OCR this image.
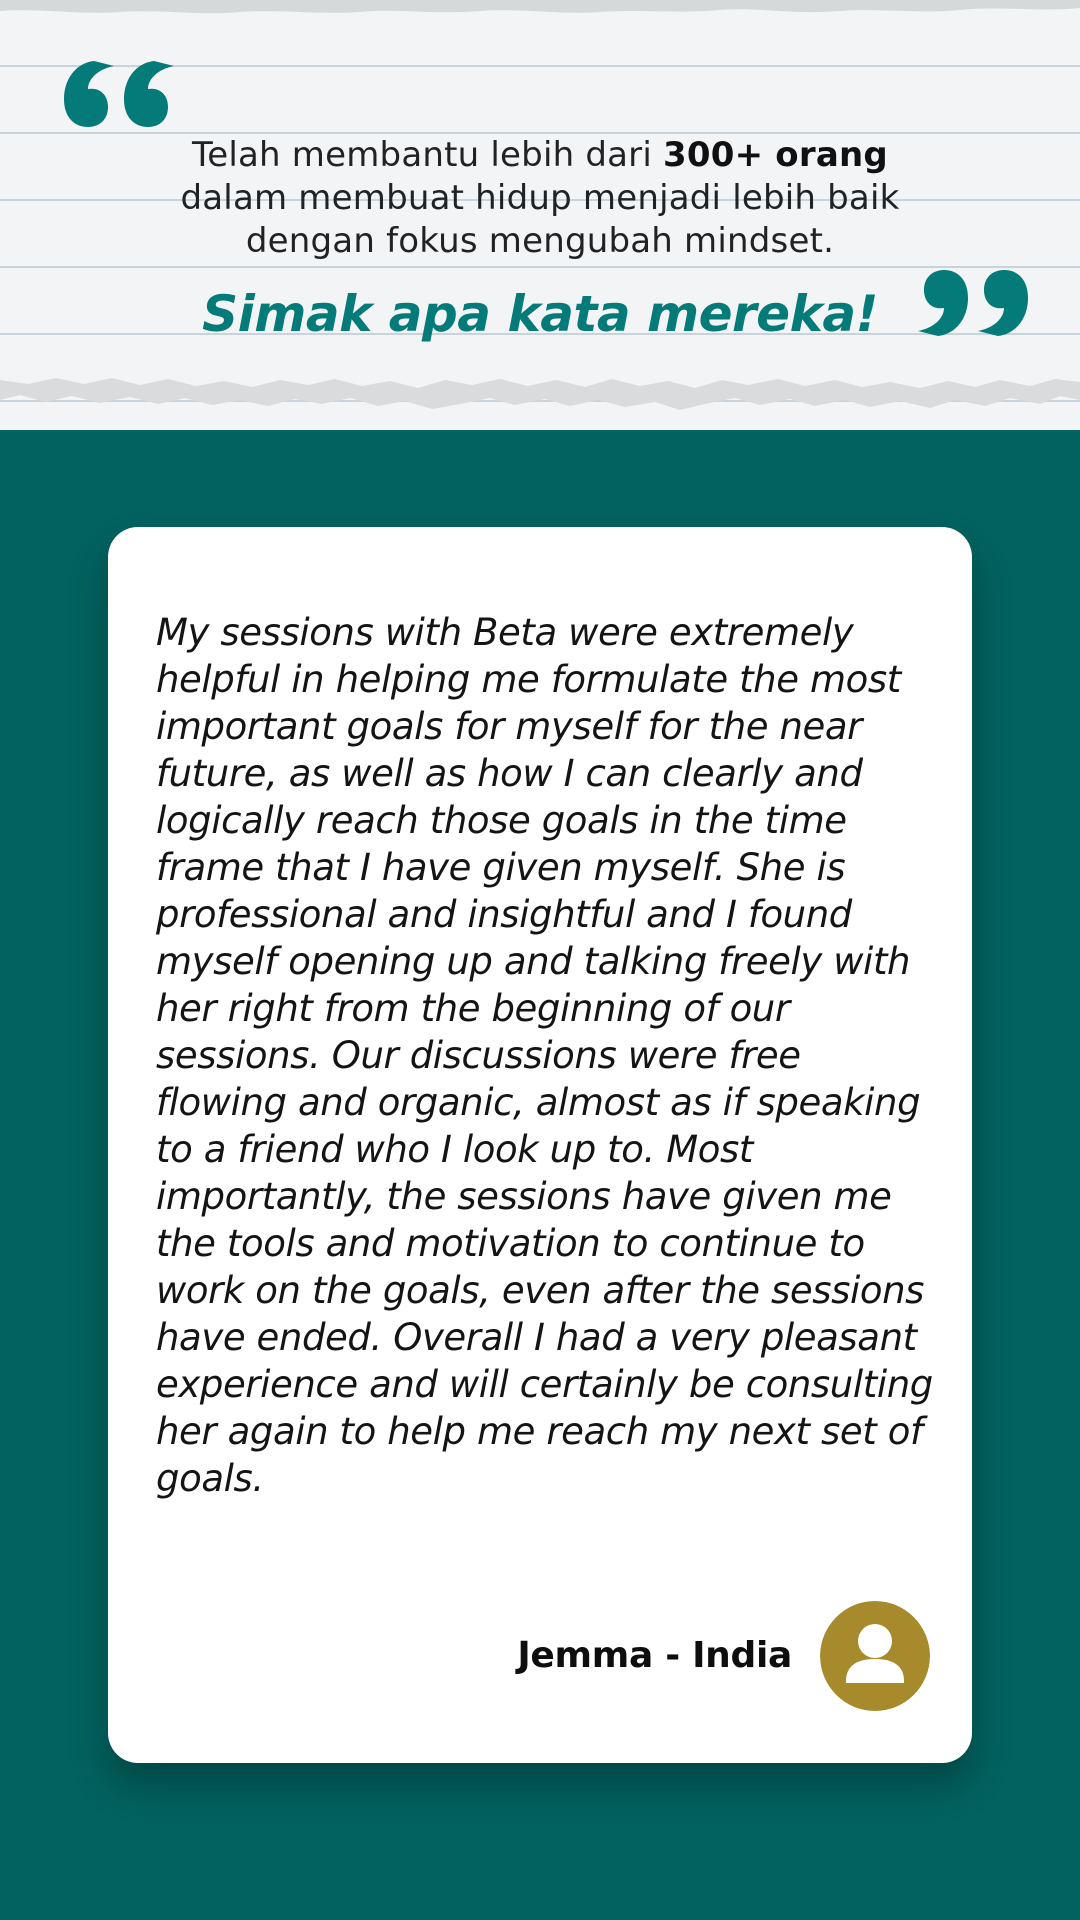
Telah membantu lebih dari 300+ orang
dalam membuat hidup menjadi lebih baik
dengan fokus mengubah mindset.
Simak apa kata mereka!

My sessions with Beta were extremely helpful in helping me formulate the most important goals for myself for the near future, as well as how I can clearly and logically reach those goals in the time frame that I have given myself. She is professional and insightful and I found myself opening up and talking freely with her right from the beginning of our sessions. Our discussions were free flowing and organic, almost as if speaking to a friend who I look up to. Most importantly, the sessions have given me the tools and motivation to continue to work on the goals, even after the sessions have ended. Overall I had a very pleasant experience and will certainly be consulting her again to help me reach my next set of goals.

Jemma - India
